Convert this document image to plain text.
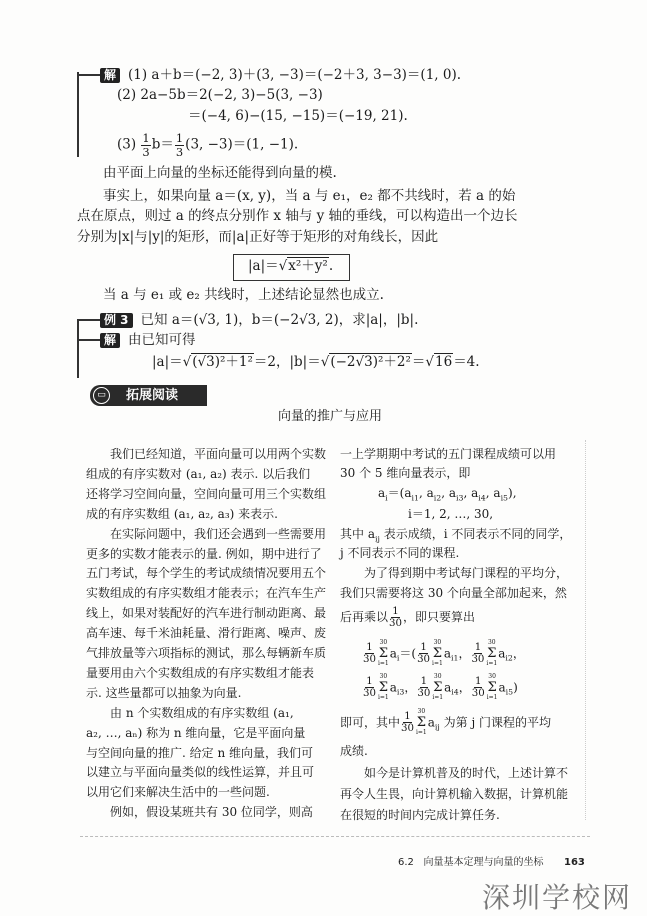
解 (1) a＋b＝(−2, 3)＋(3, −3)＝(−2＋3, 3−3)＝(1, 0).
(2) 2a−5b＝2(−2, 3)−5(3, −3)
＝(−4, 6)−(15, −15)＝(−19, 21).
$(3) \frac{1}{3} b= \frac{1}{3} (3$, −3)＝(1, −1).
由平面上向量的坐标还能得到向量的模.
事实上，如果向量 a＝(x, y)，当 a 与 e₁，e₂ 都不共线时，若 a 的始
点在原点，则过 a 的终点分别作 x 轴与 y 轴的垂线，可以构造出一个边长
分别为|x|与|y|的矩形，而|a|正好等于矩形的对角线长，因此
|a|＝√x²＋y².
当 a 与 e₁ 或 e₂ 共线时，上述结论显然也成立.
例 3 已知 a＝(√3, 1)，b＝(−2√3, 2)，求|a|，|b|.
解 由已知可得
|a|＝√(√3)²＋1²＝2，|b|＝√(−2√3)²＋2²＝√16＝4.
▭	拓展阅读
向量的推广与应用
　　我们已经知道，平面向量可以用两个实数
组成的有序实数对 (a₁, a₂) 表示. 以后我们
还将学习空间向量，空间向量可用三个实数组
成的有序实数组 (a₁, a₂, a₃) 来表示.
　　在实际问题中，我们还会遇到一些需要用
更多的实数才能表示的量. 例如，期中进行了
五门考试，每个学生的考试成绩情况要用五个
实数组成的有序实数组才能表示；在汽车生产
线上，如果对装配好的汽车进行制动距离、最
高车速、每千米油耗量、滑行距离、噪声、废
气排放量等六项指标的测试，那么每辆新车质
量要用由六个实数组成的有序实数组才能表
示. 这些量都可以抽象为向量.
　　由 n 个实数组成的有序实数组 (a₁,
a₂, …, aₙ) 称为 n 维向量，它是平面向量
与空间向量的推广. 给定 n 维向量，我们可
以建立与平面向量类似的线性运算，并且可
以用它们来解决生活中的一些问题.
　　例如，假设某班共有 30 位同学，则高
一上学期期中考试的五门课程成绩可以用
30 个 5 维向量表示，即
$a_i=(a_{i1}$, $a_{i2}$, $a_{i3}$, $a_{i4}$, $a_{i5}$),
i＝1, 2, …, 30,
其中 $a_{ij}$ 表示成绩，i 不同表示不同的同学，
j 不同表示不同的课程.
　　为了得到期中考试每门课程的平均分，
我们只需要将这 30 个向量全部加起来，然
后再乘以 $\frac{1}{30}$ ，即只要算出
$\frac{1}{30} 30$
Σ
i=1
$a_i=( \frac{1}{30} 30$
Σ
i=1
$a_{i1}$， $\frac{1}{30} 30$
Σ
i=1
$a_{i2}$，
$\frac{1}{30} 30$
Σ
i=1
$a_{i3}$， $\frac{1}{30} 30$
Σ
i=1
$a_{i4}$， $\frac{1}{30} 30$
Σ
i=1
$a_{i5}$)
即可，其中 $\frac{1}{30} 30$
Σ
i=1
$a_{ij}$ 为第 j 门课程的平均
成绩.
　　如今是计算机普及的时代，上述计算不
再令人生畏，向计算机输入数据，计算机能
在很短的时间内完成计算任务.
6.2 向量基本定理与向量的坐标 163
深圳学校网
